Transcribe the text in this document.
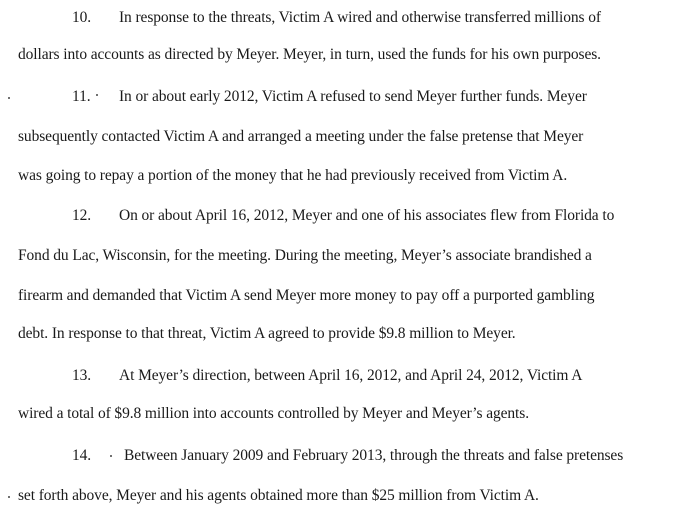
10. In response to the threats, Victim A wired and otherwise transferred millions of
dollars into accounts as directed by Meyer. Meyer, in turn, used the funds for his own purposes.
11. In or about early 2012, Victim A refused to send Meyer further funds. Meyer
subsequently contacted Victim A and arranged a meeting under the false pretense that Meyer
was going to repay a portion of the money that he had previously received from Victim A.
12. On or about April 16, 2012, Meyer and one of his associates flew from Florida to
Fond du Lac, Wisconsin, for the meeting. During the meeting, Meyer’s associate brandished a
firearm and demanded that Victim A send Meyer more money to pay off a purported gambling
debt. In response to that threat, Victim A agreed to provide $9.8 million to Meyer.
13. At Meyer’s direction, between April 16, 2012, and April 24, 2012, Victim A
wired a total of $9.8 million into accounts controlled by Meyer and Meyer’s agents.
14. Between January 2009 and February 2013, through the threats and false pretenses
set forth above, Meyer and his agents obtained more than $25 million from Victim A.
